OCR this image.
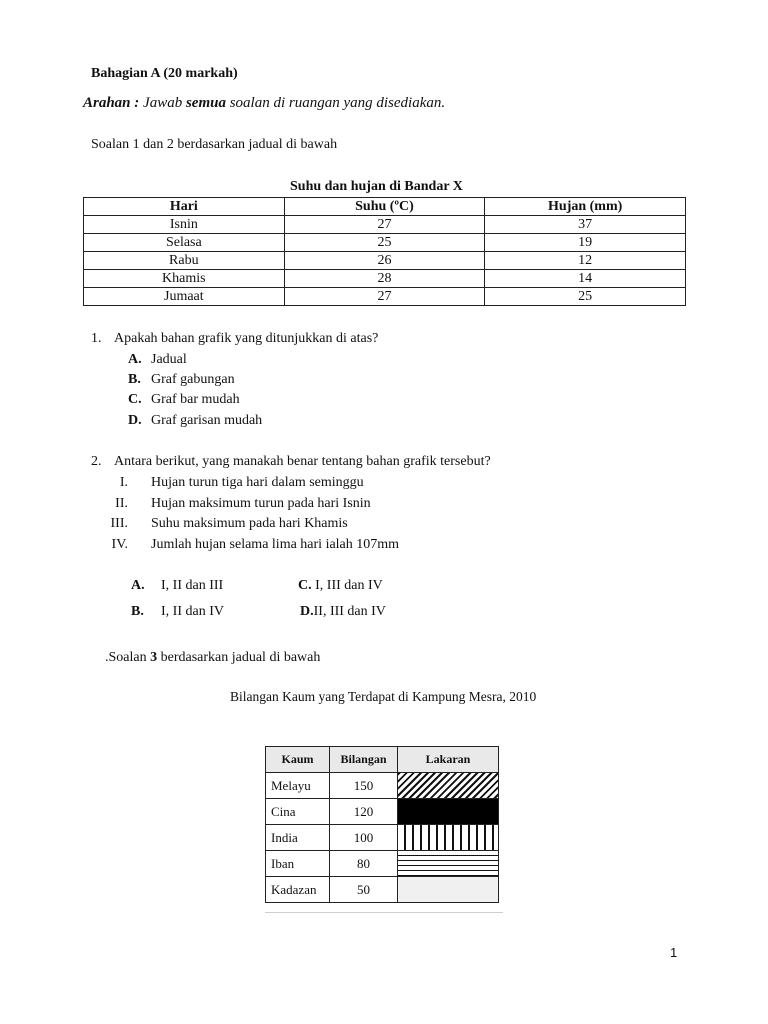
Bahagian A (20 markah)
Arahan : Jawab semua soalan di ruangan yang disediakan.
Soalan 1 dan 2 berdasarkan jadual di bawah
Suhu dan hujan di Bandar X
Hari	Suhu (ºC)	Hujan (mm)
Isnin	27	37
Selasa	25	19
Rabu	26	12
Khamis	28	14
Jumaat	27	25
1. Apakah bahan grafik yang ditunjukkan di atas?
A. Jadual
B. Graf gabungan
C. Graf bar mudah
D. Graf garisan mudah
2. Antara berikut, yang manakah benar tentang bahan grafik tersebut?
I. Hujan turun tiga hari dalam seminggu
II. Hujan maksimum turun pada hari Isnin
III. Suhu maksimum pada hari Khamis
IV. Jumlah hujan selama lima hari ialah 107mm
A. I, II dan III	C. I, III dan IV
B. I, II dan IV	D.II, III dan IV
.Soalan 3 berdasarkan jadual di bawah
Bilangan Kaum yang Terdapat di Kampung Mesra, 2010
Kaum	Bilangan	Lakaran
Melayu	150	

Cina	120	

India	100	

Iban	80	

Kadazan	50	
1
